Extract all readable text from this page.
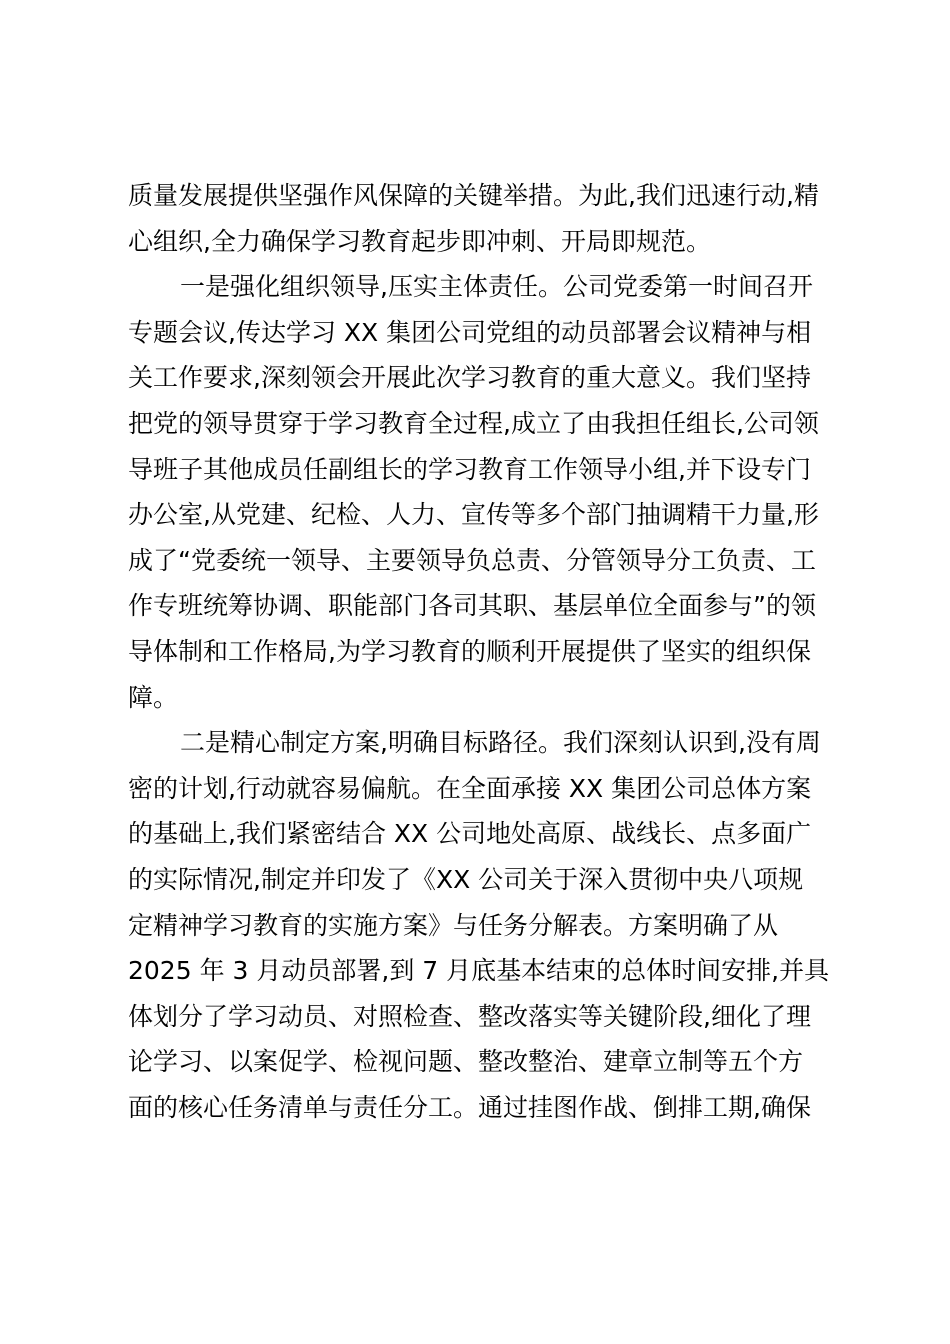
质量发展提供坚强作风保障的关键举措。为此,我们迅速行动,精
心组织,全力确保学习教育起步即冲刺、开局即规范。
一是强化组织领导,压实主体责任。公司党委第一时间召开
专题会议,传达学习 XX 集团公司党组的动员部署会议精神与相
关工作要求,深刻领会开展此次学习教育的重大意义。我们坚持
把党的领导贯穿于学习教育全过程,成立了由我担任组长,公司领
导班子其他成员任副组长的学习教育工作领导小组,并下设专门
办公室,从党建、纪检、人力、宣传等多个部门抽调精干力量,形
成了“党委统一领导、主要领导负总责、分管领导分工负责、工
作专班统筹协调、职能部门各司其职、基层单位全面参与”的领
导体制和工作格局,为学习教育的顺利开展提供了坚实的组织保
障。
二是精心制定方案,明确目标路径。我们深刻认识到,没有周
密的计划,行动就容易偏航。在全面承接 XX 集团公司总体方案
的基础上,我们紧密结合 XX 公司地处高原、战线长、点多面广
的实际情况,制定并印发了《XX 公司关于深入贯彻中央八项规
定精神学习教育的实施方案》与任务分解表。方案明确了从
2025 年 3 月动员部署,到 7 月底基本结束的总体时间安排,并具
体划分了学习动员、对照检查、整改落实等关键阶段,细化了理
论学习、以案促学、检视问题、整改整治、建章立制等五个方
面的核心任务清单与责任分工。通过挂图作战、倒排工期,确保
